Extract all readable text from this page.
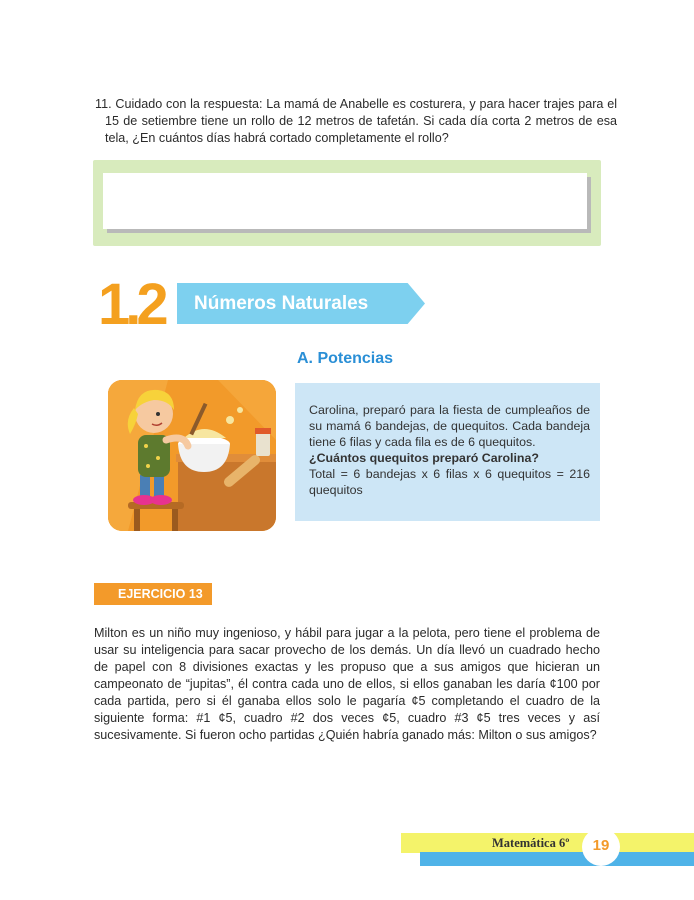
11. Cuidado con la respuesta: La mamá de Anabelle es costurera, y para hacer trajes para el 15 de setiembre tiene un rollo de 12 metros de tafetán. Si cada día corta 2 metros de esa tela, ¿En cuántos días habrá cortado completamente el rollo?
1.2 Números Naturales
A. Potencias

Carolina, preparó para la fiesta de cumpleaños de su mamá 6 bandejas, de quequitos. Cada bandeja tiene 6 filas y cada fila es de 6 quequitos.

¿Cuántos quequitos preparó Carolina?

Total = 6 bandejas x 6 filas x 6 quequitos = 216 quequitos

EJERCICIO 13
Milton es un niño muy ingenioso, y hábil para jugar a la pelota, pero tiene el problema de usar su inteligencia para sacar provecho de los demás. Un día llevó un cuadrado hecho de papel con 8 divisiones exactas y les propuso que a sus amigos que hicieran un campeonato de “jupitas”, él contra cada uno de ellos, si ellos ganaban les daría ¢100 por cada partida, pero si él ganaba ellos solo le pagaría ¢5 completando el cuadro de la siguiente forma: #1 ¢5, cuadro #2 dos veces ¢5, cuadro #3 ¢5 tres veces y así sucesivamente. Si fueron ocho partidas ¿Quién habría ganado más: Milton o sus amigos?
Matemática 6º	19
